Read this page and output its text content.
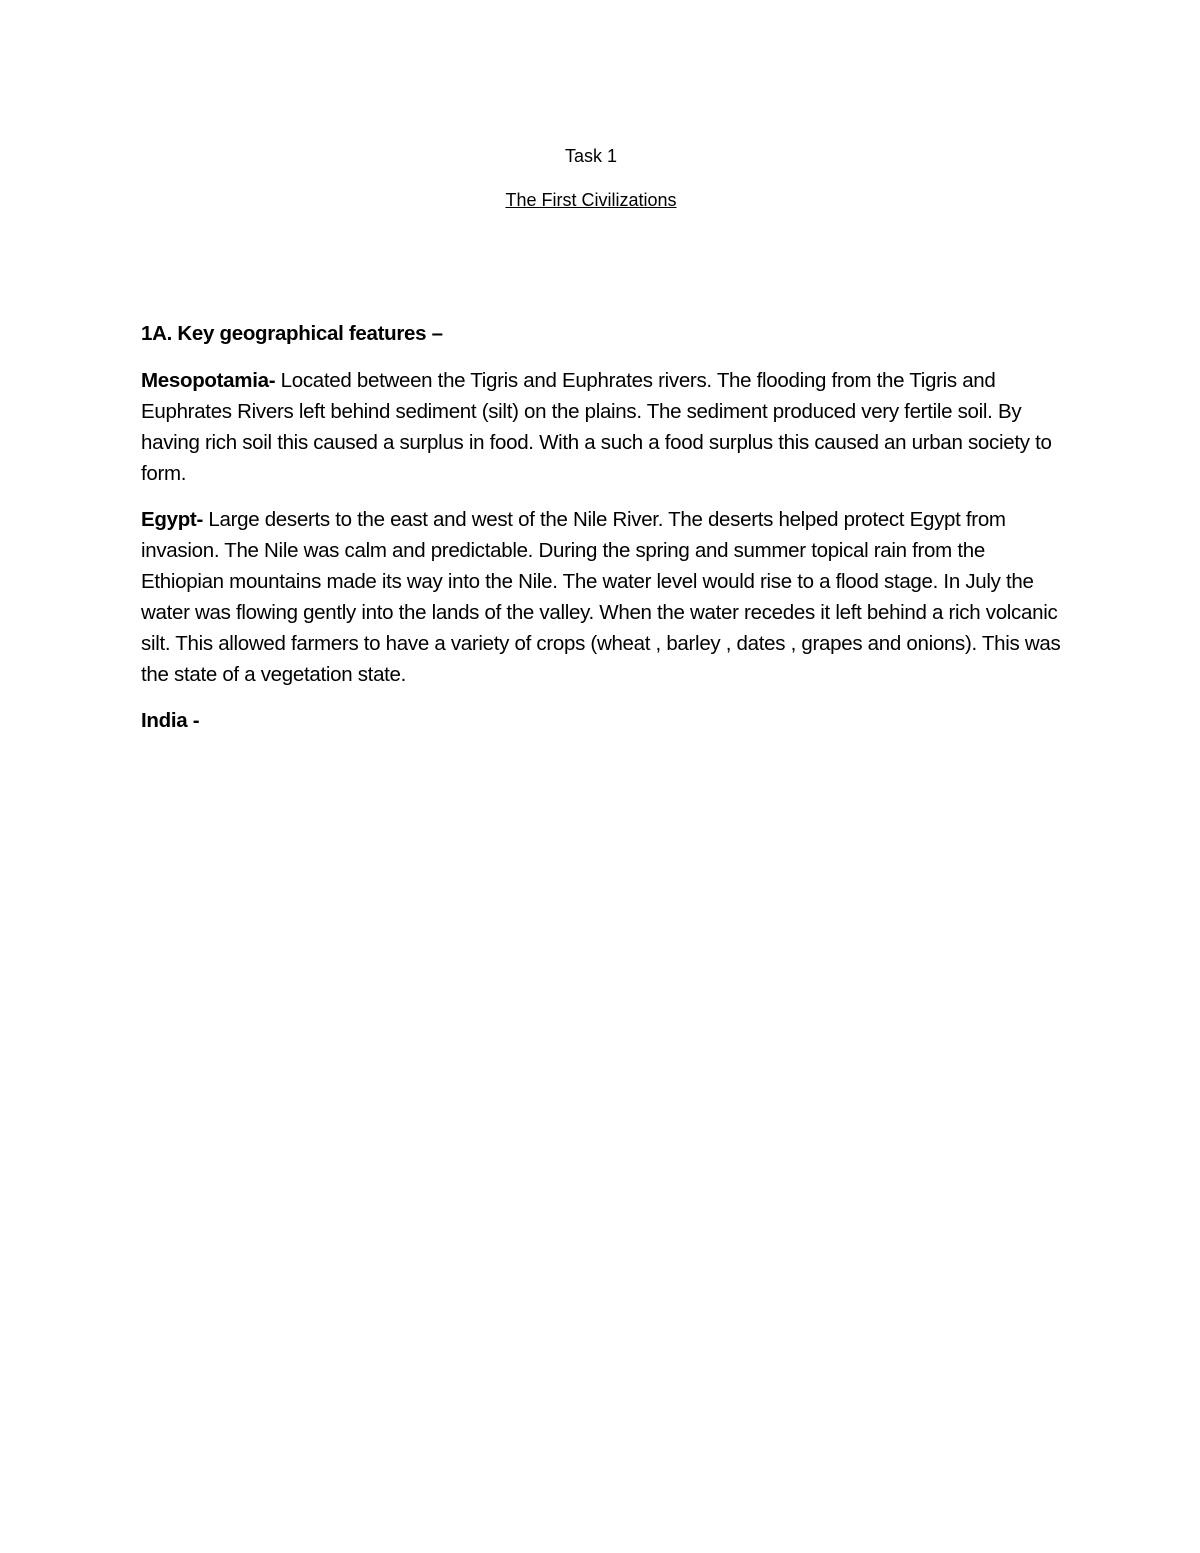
Task 1
The First Civilizations

1A. Key geographical features –

Mesopotamia- Located between the Tigris and Euphrates rivers. The flooding from the Tigris and Euphrates Rivers left behind sediment (silt) on the plains. The sediment produced very fertile soil. By having rich soil this caused a surplus in food. With a such a food surplus this caused an urban society to form.

Egypt- Large deserts to the east and west of the Nile River. The deserts helped protect Egypt from invasion. The Nile was calm and predictable. During the spring and summer topical rain from the Ethiopian mountains made its way into the Nile. The water level would rise to a flood stage. In July the water was flowing gently into the lands of the valley. When the water recedes it left behind a rich volcanic silt. This allowed farmers to have a variety of crops (wheat , barley , dates , grapes and onions). This was the state of a vegetation state.

India -
